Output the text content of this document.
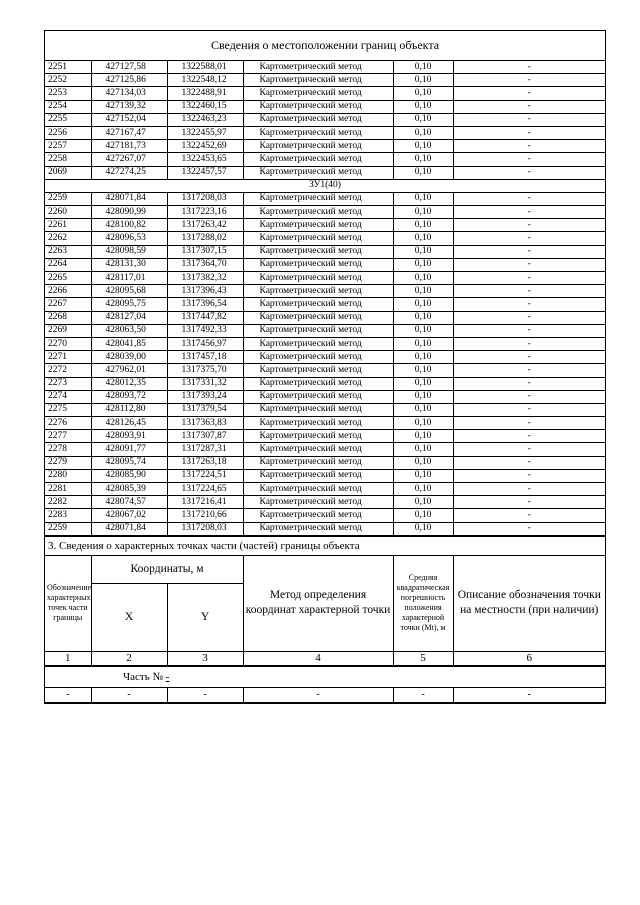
Сведения о местоположении границ объекта
2251	427127,58	1322588,01	Картометрический метод	0,10	-
2252	427125,86	1322548,12	Картометрический метод	0,10	-
2253	427134,03	1322488,91	Картометрический метод	0,10	-
2254	427139,32	1322460,15	Картометрический метод	0,10	-
2255	427152,04	1322463,23	Картометрический метод	0,10	-
2256	427167,47	1322455,97	Картометрический метод	0,10	-
2257	427181,73	1322452,69	Картометрический метод	0,10	-
2258	427267,07	1322453,65	Картометрический метод	0,10	-
2069	427274,25	1322457,57	Картометрический метод	0,10	-
ЗУ1(40)					
2259	428071,84	1317208,03	Картометрический метод	0,10	-
2260	428090,99	1317223,16	Картометрический метод	0,10	-
2261	428100,82	1317263,42	Картометрический метод	0,10	-
2262	428096,53	1317288,02	Картометрический метод	0,10	-
2263	428098,59	1317307,15	Картометрический метод	0,10	-
2264	428131,30	1317364,70	Картометрический метод	0,10	-
2265	428117,01	1317382,32	Картометрический метод	0,10	-
2266	428095,68	1317396,43	Картометрический метод	0,10	-
2267	428095,75	1317396,54	Картометрический метод	0,10	-
2268	428127,04	1317447,82	Картометрический метод	0,10	-
2269	428063,50	1317492,33	Картометрический метод	0,10	-
2270	428041,85	1317456,97	Картометрический метод	0,10	-
2271	428039,00	1317457,18	Картометрический метод	0,10	-
2272	427962,01	1317375,70	Картометрический метод	0,10	-
2273	428012,35	1317331,32	Картометрический метод	0,10	-
2274	428093,72	1317393,24	Картометрический метод	0,10	-
2275	428112,80	1317379,54	Картометрический метод	0,10	-
2276	428126,45	1317363,83	Картометрический метод	0,10	-
2277	428093,91	1317307,87	Картометрический метод	0,10	-
2278	428091,77	1317287,31	Картометрический метод	0,10	-
2279	428095,74	1317263,18	Картометрический метод	0,10	-
2280	428085,90	1317224,51	Картометрический метод	0,10	-
2281	428085,39	1317224,65	Картометрический метод	0,10	-
2282	428074,57	1317216,41	Картометрический метод	0,10	-
2283	428067,02	1317210,66	Картометрический метод	0,10	-
2259	428071,84	1317208,03	Картометрический метод	0,10	-
3. Сведения о характерных точках части (частей) границы объекта
Обозначение характерных точек части границы	Координаты, м		Метод определения координат характерной точки	Средняя квадратическая погрешность положения характерной точки (Mt), м	Описание обозначения точки на местности (при наличии)
	X	Y			
1	2	3	4	5	6
Часть № -
-	-	-	-	-	-
